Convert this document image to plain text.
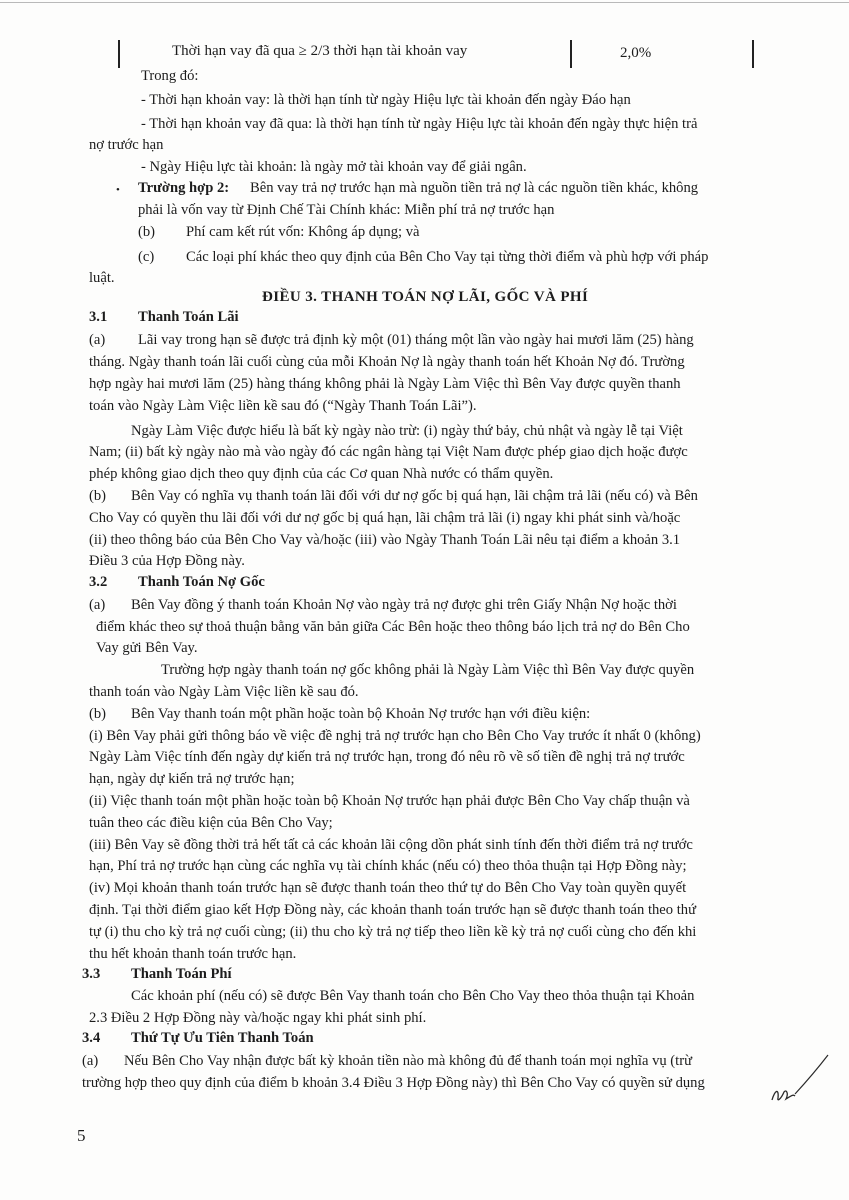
Thời hạn vay đã qua ≥ 2/3 thời hạn tài khoản vay	2,0%
Trong đó:
- Thời hạn khoản vay: là thời hạn tính từ ngày Hiệu lực tài khoản đến ngày Đáo hạn
- Thời hạn khoản vay đã qua: là thời hạn tính từ ngày Hiệu lực tài khoản đến ngày thực hiện trả
nợ trước hạn
- Ngày Hiệu lực tài khoản: là ngày mở tài khoản vay để giải ngân.
• Trường hợp 2: Bên vay trả nợ trước hạn mà nguồn tiền trả nợ là các nguồn tiền khác, không
phải là vốn vay từ Định Chế Tài Chính khác: Miễn phí trả nợ trước hạn
(b) Phí cam kết rút vốn: Không áp dụng; và
(c) Các loại phí khác theo quy định của Bên Cho Vay tại từng thời điểm và phù hợp với pháp
luật.
ĐIỀU 3. THANH TOÁN NỢ LÃI, GỐC VÀ PHÍ
3.1 Thanh Toán Lãi
(a) Lãi vay trong hạn sẽ được trả định kỳ một (01) tháng một lần vào ngày hai mươi lăm (25) hàng
tháng. Ngày thanh toán lãi cuối cùng của mỗi Khoản Nợ là ngày thanh toán hết Khoản Nợ đó. Trường
hợp ngày hai mươi lăm (25) hàng tháng không phải là Ngày Làm Việc thì Bên Vay được quyền thanh
toán vào Ngày Làm Việc liền kề sau đó (“Ngày Thanh Toán Lãi”).
Ngày Làm Việc được hiểu là bất kỳ ngày nào trừ: (i) ngày thứ bảy, chủ nhật và ngày lễ tại Việt
Nam; (ii) bất kỳ ngày nào mà vào ngày đó các ngân hàng tại Việt Nam được phép giao dịch hoặc được
phép không giao dịch theo quy định của các Cơ quan Nhà nước có thẩm quyền.
(b) Bên Vay có nghĩa vụ thanh toán lãi đối với dư nợ gốc bị quá hạn, lãi chậm trả lãi (nếu có) và Bên
Cho Vay có quyền thu lãi đối với dư nợ gốc bị quá hạn, lãi chậm trả lãi (i) ngay khi phát sinh và/hoặc
(ii) theo thông báo của Bên Cho Vay và/hoặc (iii) vào Ngày Thanh Toán Lãi nêu tại điểm a khoản 3.1
Điều 3 của Hợp Đồng này.
3.2 Thanh Toán Nợ Gốc
(a) Bên Vay đồng ý thanh toán Khoản Nợ vào ngày trả nợ được ghi trên Giấy Nhận Nợ hoặc thời
điểm khác theo sự thoả thuận bằng văn bản giữa Các Bên hoặc theo thông báo lịch trả nợ do Bên Cho
Vay gửi Bên Vay.
Trường hợp ngày thanh toán nợ gốc không phải là Ngày Làm Việc thì Bên Vay được quyền
thanh toán vào Ngày Làm Việc liền kề sau đó.
(b) Bên Vay thanh toán một phần hoặc toàn bộ Khoản Nợ trước hạn với điều kiện:
(i) Bên Vay phải gửi thông báo về việc đề nghị trả nợ trước hạn cho Bên Cho Vay trước ít nhất 0 (không)
Ngày Làm Việc tính đến ngày dự kiến trả nợ trước hạn, trong đó nêu rõ về số tiền đề nghị trả nợ trước
hạn, ngày dự kiến trả nợ trước hạn;
(ii) Việc thanh toán một phần hoặc toàn bộ Khoản Nợ trước hạn phải được Bên Cho Vay chấp thuận và
tuân theo các điều kiện của Bên Cho Vay;
(iii) Bên Vay sẽ đồng thời trả hết tất cả các khoản lãi cộng dồn phát sinh tính đến thời điểm trả nợ trước
hạn, Phí trả nợ trước hạn cùng các nghĩa vụ tài chính khác (nếu có) theo thỏa thuận tại Hợp Đồng này;
(iv) Mọi khoản thanh toán trước hạn sẽ được thanh toán theo thứ tự do Bên Cho Vay toàn quyền quyết
định. Tại thời điểm giao kết Hợp Đồng này, các khoản thanh toán trước hạn sẽ được thanh toán theo thứ
tự (i) thu cho kỳ trả nợ cuối cùng; (ii) thu cho kỳ trả nợ tiếp theo liền kề kỳ trả nợ cuối cùng cho đến khi
thu hết khoản thanh toán trước hạn.
3.3 Thanh Toán Phí
Các khoản phí (nếu có) sẽ được Bên Vay thanh toán cho Bên Cho Vay theo thỏa thuận tại Khoản
2.3 Điều 2 Hợp Đồng này và/hoặc ngay khi phát sinh phí.
3.4 Thứ Tự Ưu Tiên Thanh Toán
(a) Nếu Bên Cho Vay nhận được bất kỳ khoản tiền nào mà không đủ để thanh toán mọi nghĩa vụ (trừ
trường hợp theo quy định của điểm b khoản 3.4 Điều 3 Hợp Đồng này) thì Bên Cho Vay có quyền sử dụng
5
